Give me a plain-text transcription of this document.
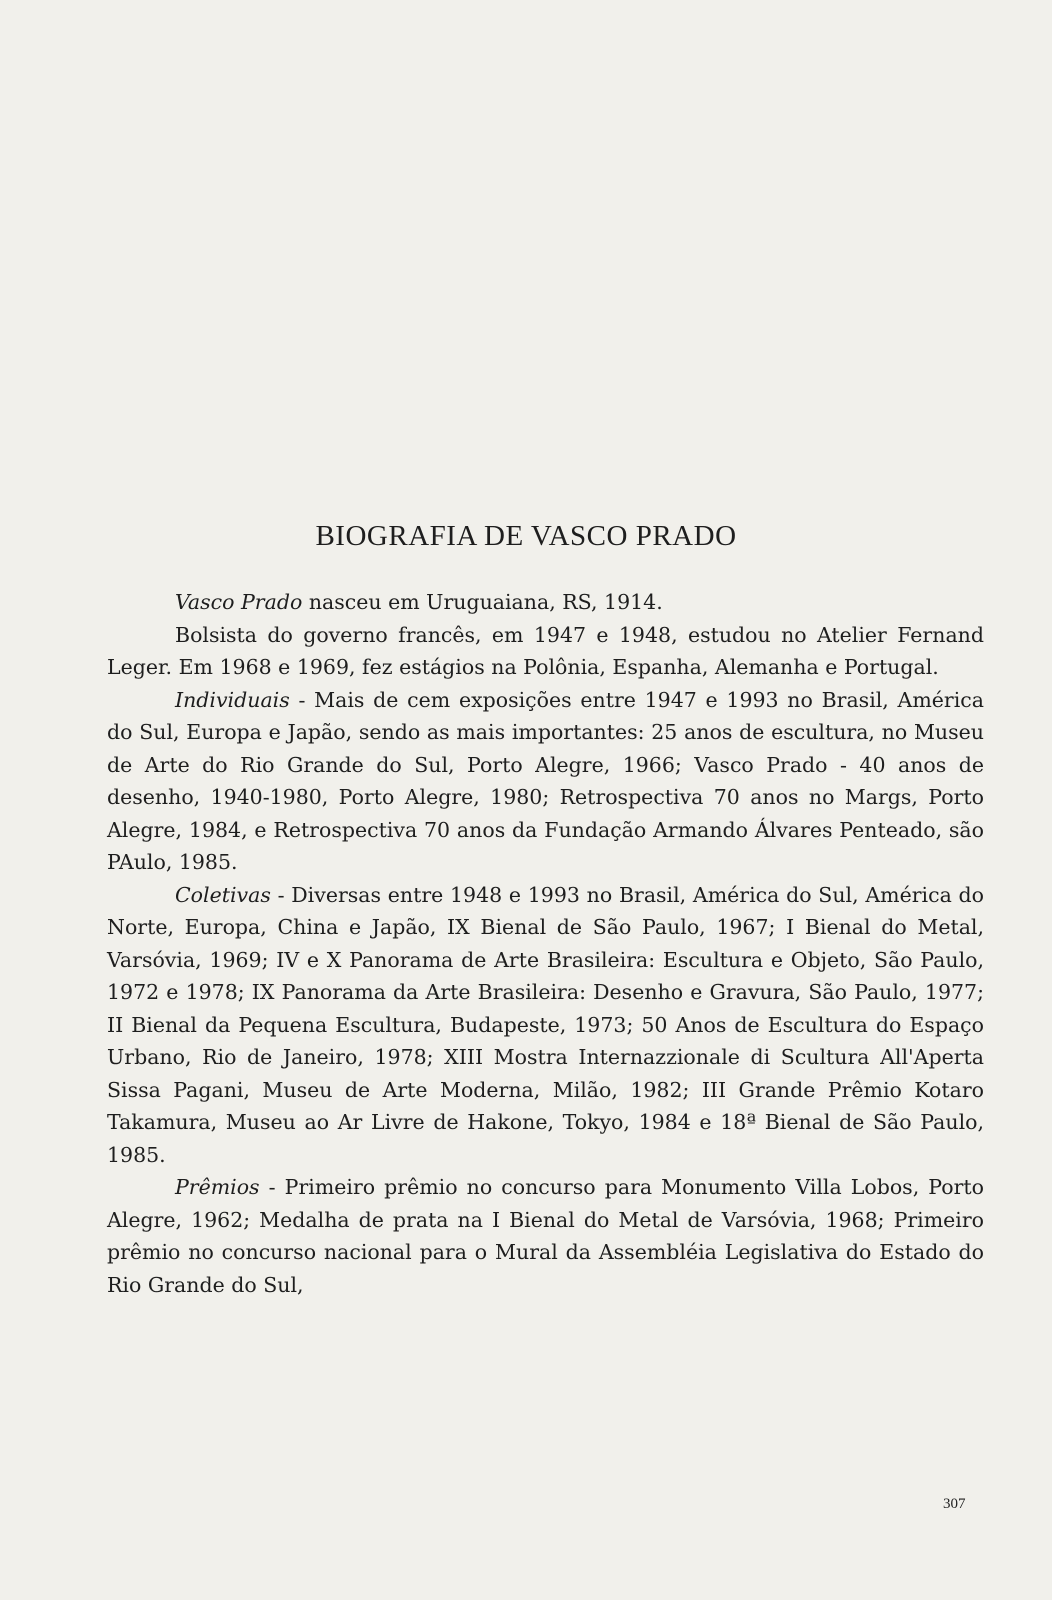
BIOGRAFIA DE VASCO PRADO

Vasco Prado nasceu em Uruguaiana, RS, 1914.

Bolsista do governo francês, em 1947 e 1948, estudou no Atelier Fernand Leger. Em 1968 e 1969, fez estágios na Polônia, Espanha, Alemanha e Portugal.

Individuais - Mais de cem exposições entre 1947 e 1993 no Brasil, América do Sul, Europa e Japão, sendo as mais importantes: 25 anos de escultura, no Museu de Arte do Rio Grande do Sul, Porto Alegre, 1966; Vasco Prado - 40 anos de desenho, 1940-1980, Porto Alegre, 1980; Retrospectiva 70 anos no Margs, Porto Alegre, 1984, e Retrospectiva 70 anos da Fundação Armando Álvares Penteado, são PAulo, 1985.

Coletivas - Diversas entre 1948 e 1993 no Brasil, América do Sul, América do Norte, Europa, China e Japão, IX Bienal de São Paulo, 1967; I Bienal do Metal, Varsóvia, 1969; IV e X Panorama de Arte Brasileira: Escultura e Objeto, São Paulo, 1972 e 1978; IX Panorama da Arte Brasileira: Desenho e Gravura, São Paulo, 1977; II Bienal da Pequena Escultura, Budapeste, 1973; 50 Anos de Escultura do Espaço Urbano, Rio de Janeiro, 1978; XIII Mostra Internazzionale di Scultura All'Aperta Sissa Pagani, Museu de Arte Moderna, Milão, 1982; III Grande Prêmio Kotaro Takamura, Museu ao Ar Livre de Hakone, Tokyo, 1984 e 18ª Bienal de São Paulo, 1985.

Prêmios - Primeiro prêmio no concurso para Monumento Villa Lobos, Porto Alegre, 1962; Medalha de prata na I Bienal do Metal de Varsóvia, 1968; Primeiro prêmio no concurso nacional para o Mural da Assembléia Legislativa do Estado do Rio Grande do Sul,

307
